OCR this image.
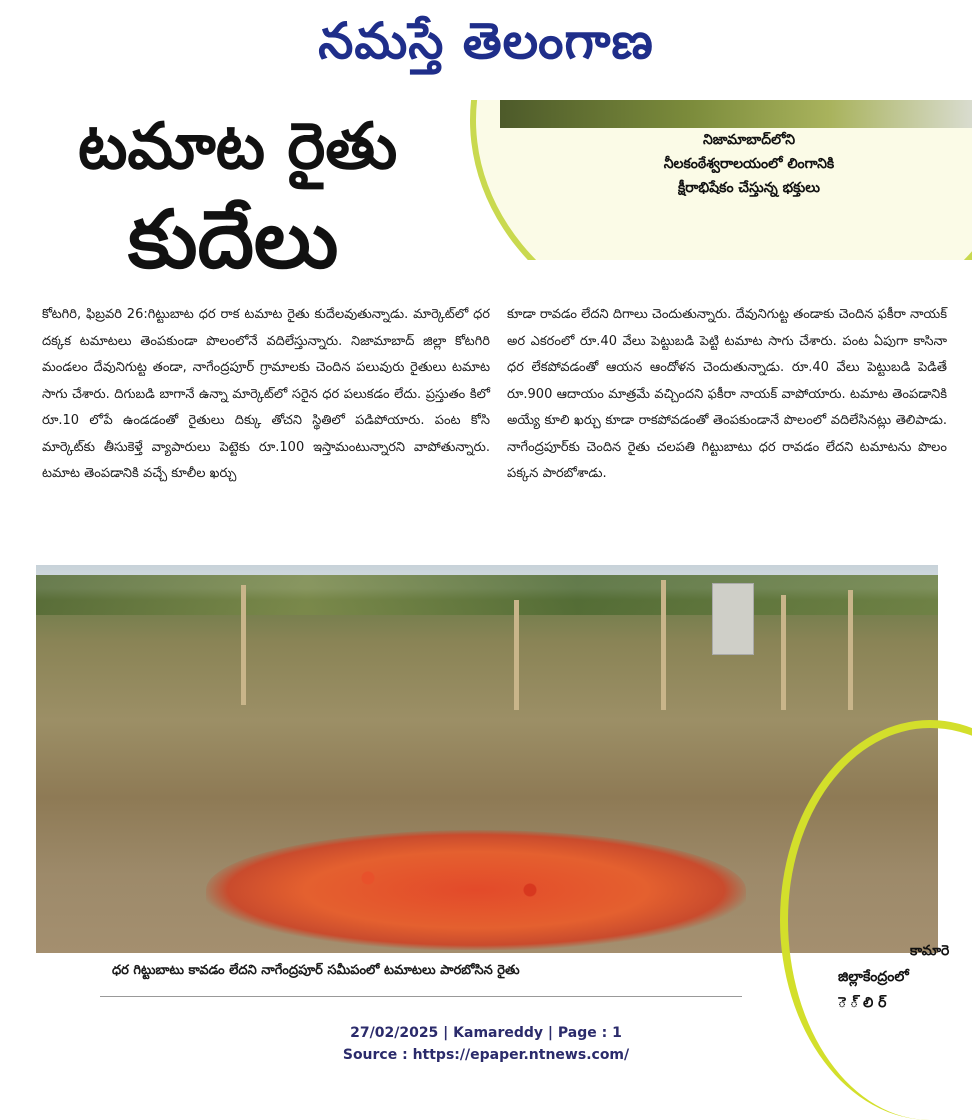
నమస్తే తెలంగాణ
నిజామాబాద్‌లోని
నీలకంఠేశ్వరాలయంలో లింగానికి
క్షీరాభిషేకం చేస్తున్న భక్తులు
టమాట రైతు
కుదేలు
కోటగిరి, ఫిబ్రవరి 26:గిట్టుబాట ధర రాక టమాట రైతు కుదేలవుతున్నాడు. మార్కెట్‌లో ధర దక్కక టమాటలు తెంపకుండా పొలంలోనే వదిలేస్తున్నారు. నిజామాబాద్ జిల్లా కోటగిరి మండలం దేవునిగుట్ట తండా, నాగేంద్రపూర్ గ్రామాలకు చెందిన పలువురు రైతులు టమాట సాగు చేశారు. దిగుబడి బాగానే ఉన్నా మార్కెట్‌లో సరైన ధర పలుకడం లేదు. ప్రస్తుతం కిలో రూ.10 లోపే ఉండడంతో రైతులు దిక్కు తోచని స్థితిలో పడిపోయారు. పంట కోసి మార్కెట్‌కు తీసుకెళ్తే వ్యాపారులు పెట్టెకు రూ.100 ఇస్తామంటున్నారని వాపోతున్నారు. టమాట తెంపడానికి వచ్చే కూలీల ఖర్చు
కూడా రావడం లేదని దిగాలు చెందుతున్నారు. దేవునిగుట్ట తండాకు చెందిన ఫకీరా నాయక్ అర ఎకరంలో రూ.40 వేలు పెట్టుబడి పెట్టి టమాట సాగు చేశారు. పంట ఏపుగా కాసినా ధర లేకపోవడంతో ఆయన ఆందోళన చెందుతున్నాడు. రూ.40 వేలు పెట్టుబడి పెడితే రూ.900 ఆదాయం మాత్రమే వచ్చిందని ఫకీరా నాయక్ వాపోయారు. టమాట తెంపడానికి అయ్యే కూలి ఖర్చు కూడా రాకపోవడంతో తెంపకుండానే పొలంలో వదిలేసినట్లు తెలిపాడు. నాగేంద్రపూర్‌కు చెందిన రైతు చలపతి గిట్టుబాటు ధర రావడం లేదని టమాటను పొలం పక్కన పారబోశాడు.
ధర గిట్టుబాటు కావడం లేదని నాగేంద్రపూర్ సమీపంలో టమాటలు పారబోసిన రైతు
కామారె
జిల్లాకేంద్రంలో
ె ్ లి ర్
27/02/2025 | Kamareddy | Page : 1
Source : https://epaper.ntnews.com/
